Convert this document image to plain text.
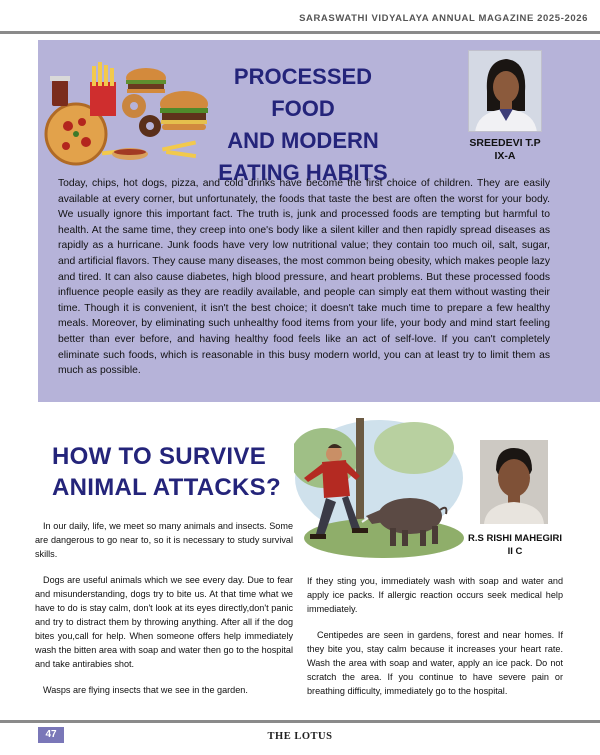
SARASWATHI VIDYALAYA ANNUAL MAGAZINE 2025-2026
PROCESSED FOOD
AND MODERN
EATING HABITS
SREEDEVI T.P
IX-A
Today, chips, hot dogs, pizza, and cold drinks have become the first choice of children. They are easily available at every corner, but unfortunately, the foods that taste the best are often the worst for your body. We usually ignore this important fact. The truth is, junk and processed foods are tempting but harmful to health. At the same time, they creep into one's body like a silent killer and then rapidly spread diseases as rapidly as a hurricane. Junk foods have very low nutritional value; they contain too much oil, salt, sugar, and artificial flavors. They cause many diseases, the most common being obesity, which makes people lazy and tired. It can also cause diabetes, high blood pressure, and heart problems. But these processed foods influence people easily as they are readily available, and people can simply eat them without wasting their time. Though it is convenient, it isn't the best choice; it doesn't take much time to prepare a few healthy meals. Moreover, by eliminating such unhealthy food items from your life, your body and mind start feeling better than ever before, and having healthy food feels like an act of self-love. If you can't completely eliminate such foods, which is reasonable in this busy modern world, you can at least try to limit them as much as possible.
HOW TO SURVIVE
ANIMAL ATTACKS?
R.S RISHI MAHEGIRI
II C

In our daily, life, we meet so many animals and insects. Some are dangerous to go near to, so it is necessary to study survival skills.

Dogs are useful animals which we see every day. Due to fear and misunderstanding, dogs try to bite us. At that time what we have to do is stay calm, don't look at its eyes directly,don't panic and try to distract them by throwing anything. After all if the dog bites you,call for help. When someone offers help immediately wash the bitten area with soap and water then go to the hospital and take antirabies shot.

Wasps are flying insects that we see in the garden.

If they sting you, immediately wash with soap and water and apply ice packs. If allergic reaction occurs seek medical help immediately.

Centipedes are seen in gardens, forest and near homes. If they bite you, stay calm because it increases your heart rate. Wash the area with soap and water, apply an ice pack. Do not scratch the area. If you continue to have severe pain or breathing difficulty, immediately go to the hospital.

47	THE LOTUS
